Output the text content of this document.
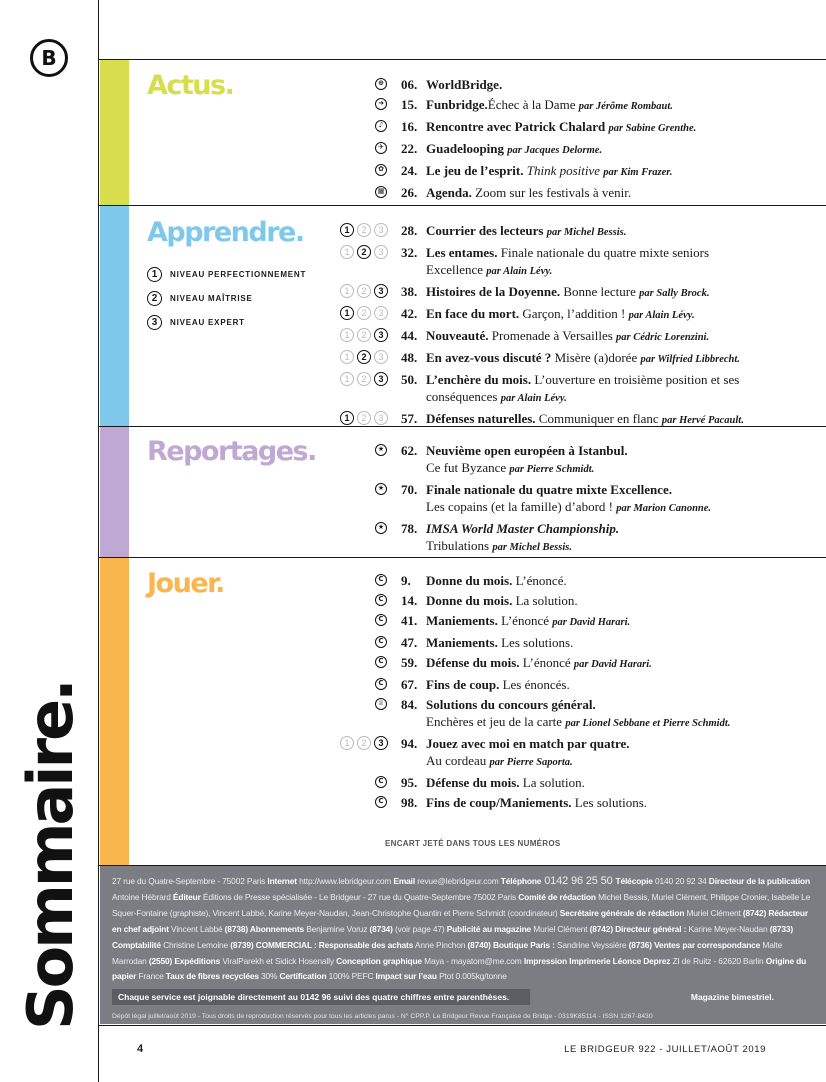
B
Sommaire.
Actus.
Apprendre.
Reportages.
Jouer.
1	NIVEAU PERFECTIONNEMENT
2	NIVEAU MAÎTRISE
3	NIVEAU EXPERT
⊕ 06. WorldBridge.
➜ 15. Funbridge.Échec à la Dame par Jérôme Rombaut.
♪ 16. Rencontre avec Patrick Chalard par Sabine Grenthe.
✈ 22. Guadelooping par Jacques Delorme.
✿ 24. Le jeu de l’esprit. Think positive par Kim Frazer.
▦ 26. Agenda. Zoom sur les festivals à venir.
1	2	3	28. Courrier des lecteurs par Michel Bessis.
1	2	3	32. Les entames. Finale nationale du quatre mixte seniors
Excellence par Alain Lévy.
1	2	3	38. Histoires de la Doyenne. Bonne lecture par Sally Brock.
1	2	3	42. En face du mort. Garçon, l’addition ! par Alain Lévy.
1	2	3	44. Nouveauté. Promenade à Versailles par Cédric Lorenzini.
1	2	3	48. En avez-vous discuté ? Misère (a)dorée par Wilfried Libbrecht.
1	2	3	50. L’enchère du mois. L’ouverture en troisième position et ses
conséquences par Alain Lévy.
1	2	3	57. Défenses naturelles. Communiquer en flanc par Hervé Pacault.
★ 62. Neuvième open européen à Istanbul.
Ce fut Byzance par Pierre Schmidt.
★ 70. Finale nationale du quatre mixte Excellence.
Les copains (et la famille) d’abord ! par Marion Canonne.
★ 78. IMSA World Master Championship.
Tribulations par Michel Bessis.
C 9. Donne du mois. L’énoncé.
C 14. Donne du mois. La solution.
C 41. Maniements. L’énoncé par David Harari.
C 47. Maniements. Les solutions.
C 59. Défense du mois. L’énoncé par David Harari.
C 67. Fins de coup. Les énoncés.
♕ 84. Solutions du concours général.
Enchères et jeu de la carte par Lionel Sebbane et Pierre Schmidt.
1	2	3	94. Jouez avec moi en match par quatre.
Au cordeau par Pierre Saporta.
C 95. Défense du mois. La solution.
C 98. Fins de coup/Maniements. Les solutions.
ENCART JETÉ DANS TOUS LES NUMÉROS
27 rue du Quatre-Septembre - 75002 Paris Internet http://www.lebridgeur.com Email revue@lebridgeur.com Téléphone 0142 96 25 50 Télécopie 0140 20 92 34 Directeur de la publication Antoine Hébrard Éditeur Éditions de Presse spécialisée - Le Bridgeur - 27 rue du Quatre-Septembre 75002 Paris Comité de rédaction Michel Bessis, Muriel Clément, Philippe Cronier, Isabelle Le Squer-Fontaine (graphiste), Vincent Labbé, Karine Meyer-Naudan, Jean-Christophe Quantin et Pierre Schmidt (coordinateur) Secrétaire générale de rédaction Muriel Clément (8742) Rédacteur en chef adjoint Vincent Labbé (8738) Abonnements Benjamine Voruz (8734) (voir page 47) Publicité au magazine Muriel Clément (8742) Directeur général : Karine Meyer-Naudan (8733) Comptabilité Christine Lemoine (8739) COMMERCIAL : Responsable des achats Anne Pinchon (8740) Boutique Paris : Sandrine Veyssière (8736) Ventes par correspondance Malte Marrodan (2550) Expéditions ViralParekh et Sidick Hosenally Conception graphique Maya - mayatom@me.com Impression Imprimerie Léonce Deprez ZI de Ruitz - 62620 Barlin Origine du papier France Taux de fibres recyclées 30% Certification 100% PEFC Impact sur l’eau Ptot 0.005kg/tonne
Chaque service est joignable directement au 0142 96 suivi des quatre chiffres entre parenthèses.	Magazine bimestriel.
Dépôt légal juillet/août 2019 - Tous droits de reproduction réservés pour tous les articles parus - N° CPP.P. Le Bridgeur Revue Française de Bridge - 0319K85114 - ISSN 1267-8430
4	LE BRIDGEUR 922 - JUILLET/AOÛT 2019
